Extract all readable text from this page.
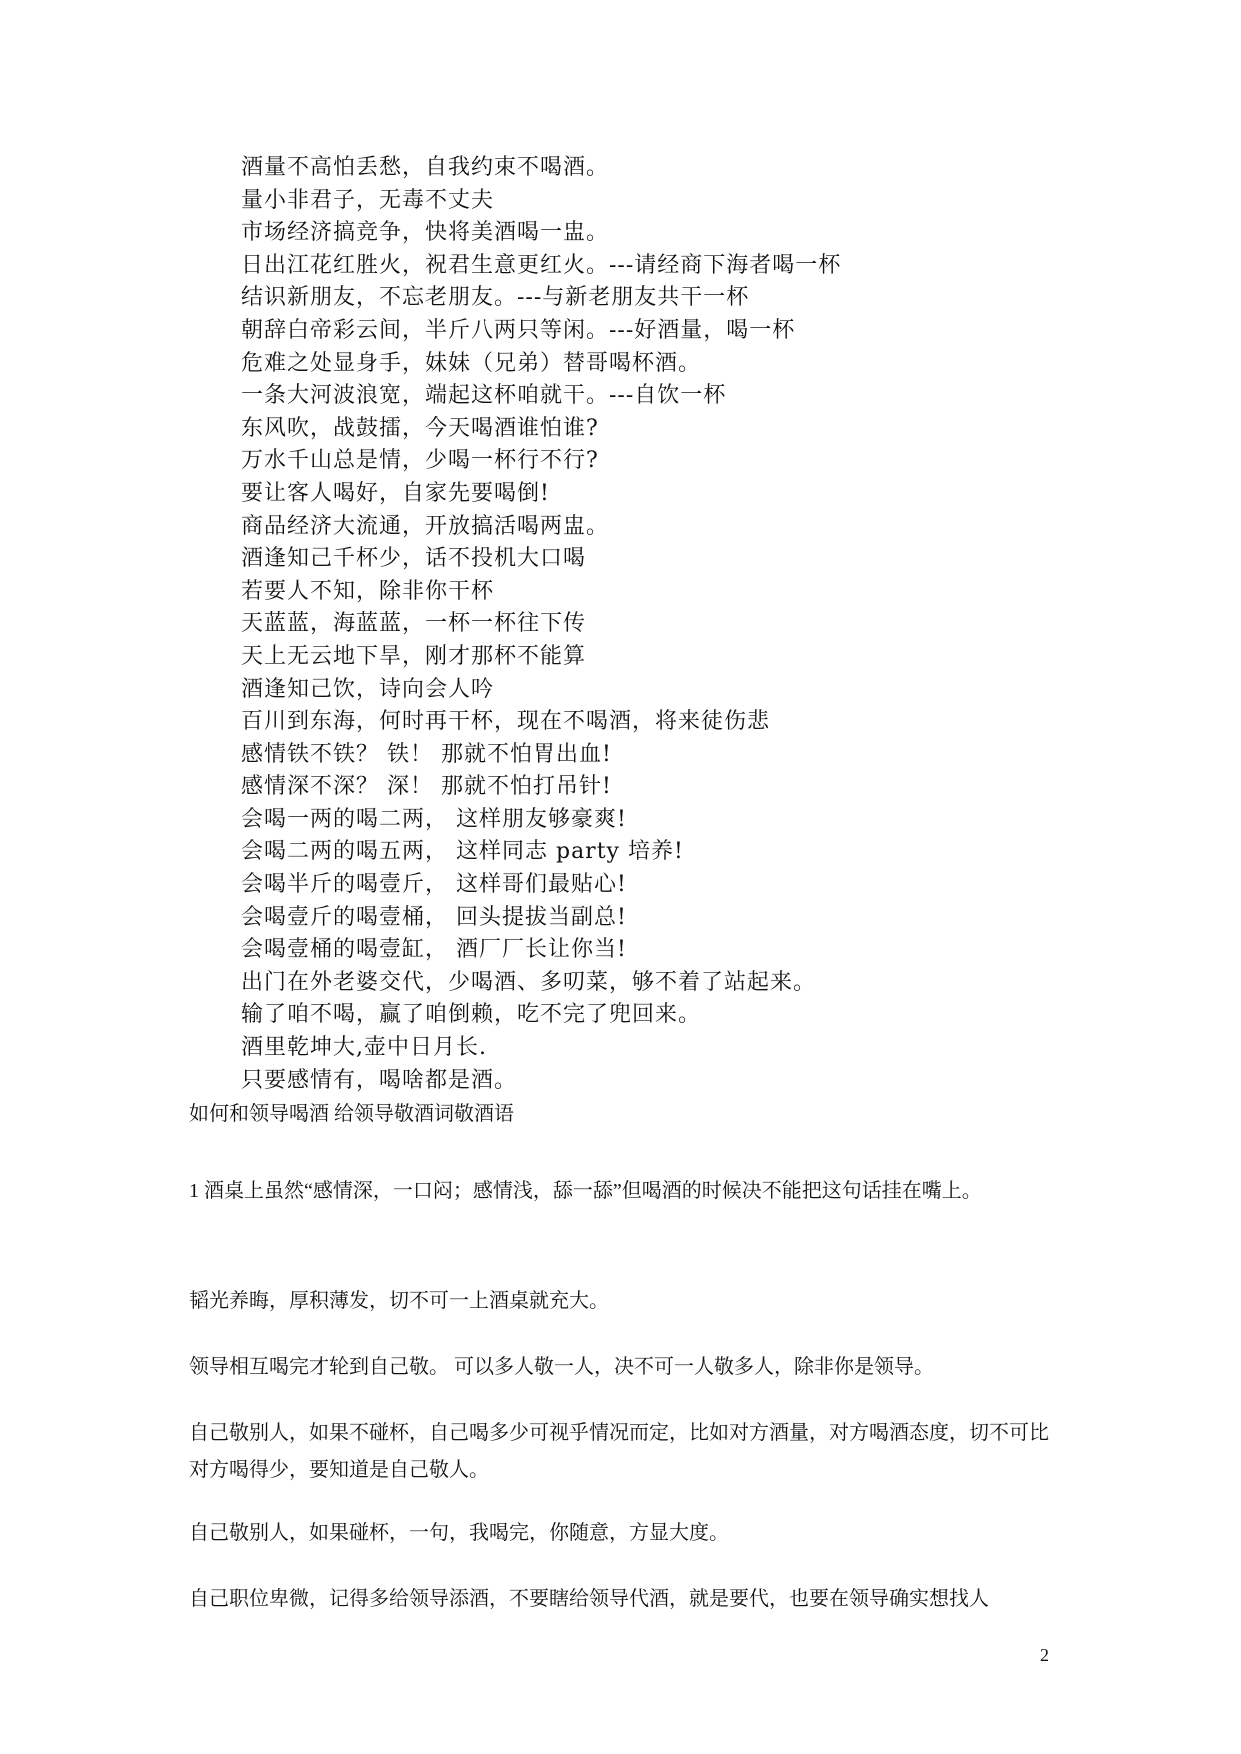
酒量不高怕丢愁，自我约束不喝酒。
量小非君子，无毒不丈夫
市场经济搞竞争，快将美酒喝一盅。
日出江花红胜火，祝君生意更红火。---请经商下海者喝一杯
结识新朋友，不忘老朋友。---与新老朋友共干一杯
朝辞白帝彩云间，半斤八两只等闲。---好酒量，喝一杯
危难之处显身手，妹妹（兄弟）替哥喝杯酒。
一条大河波浪宽，端起这杯咱就干。---自饮一杯
东风吹，战鼓擂，今天喝酒谁怕谁?
万水千山总是情，少喝一杯行不行?
要让客人喝好，自家先要喝倒!
商品经济大流通，开放搞活喝两盅。
酒逢知己千杯少，话不投机大口喝
若要人不知，除非你干杯
天蓝蓝，海蓝蓝，一杯一杯往下传
天上无云地下旱，刚才那杯不能算
酒逢知己饮，诗向会人吟
百川到东海，何时再干杯，现在不喝酒，将来徒伤悲
感情铁不铁？ 铁！ 那就不怕胃出血!
感情深不深？ 深！ 那就不怕打吊针!
会喝一两的喝二两， 这样朋友够豪爽!
会喝二两的喝五两， 这样同志 party 培养!
会喝半斤的喝壹斤， 这样哥们最贴心!
会喝壹斤的喝壹桶， 回头提拔当副总!
会喝壹桶的喝壹缸， 酒厂厂长让你当!
出门在外老婆交代，少喝酒、多叨菜，够不着了站起来。
输了咱不喝，赢了咱倒赖，吃不完了兜回来。
酒里乾坤大,壶中日月长.
只要感情有，喝啥都是酒。
如何和领导喝酒 给领导敬酒词敬酒语

1 酒桌上虽然“感情深，一口闷；感情浅，舔一舔”但喝酒的时候决不能把这句话挂在嘴上。

韬光养晦，厚积薄发，切不可一上酒桌就充大。

领导相互喝完才轮到自己敬。 可以多人敬一人，决不可一人敬多人，除非你是领导。

自己敬别人，如果不碰杯，自己喝多少可视乎情况而定，比如对方酒量，对方喝酒态度，切不可比对方喝得少，要知道是自己敬人。

自己敬别人，如果碰杯，一句，我喝完，你随意，方显大度。

自己职位卑微，记得多给领导添酒，不要瞎给领导代酒，就是要代，也要在领导确实想找人

2
